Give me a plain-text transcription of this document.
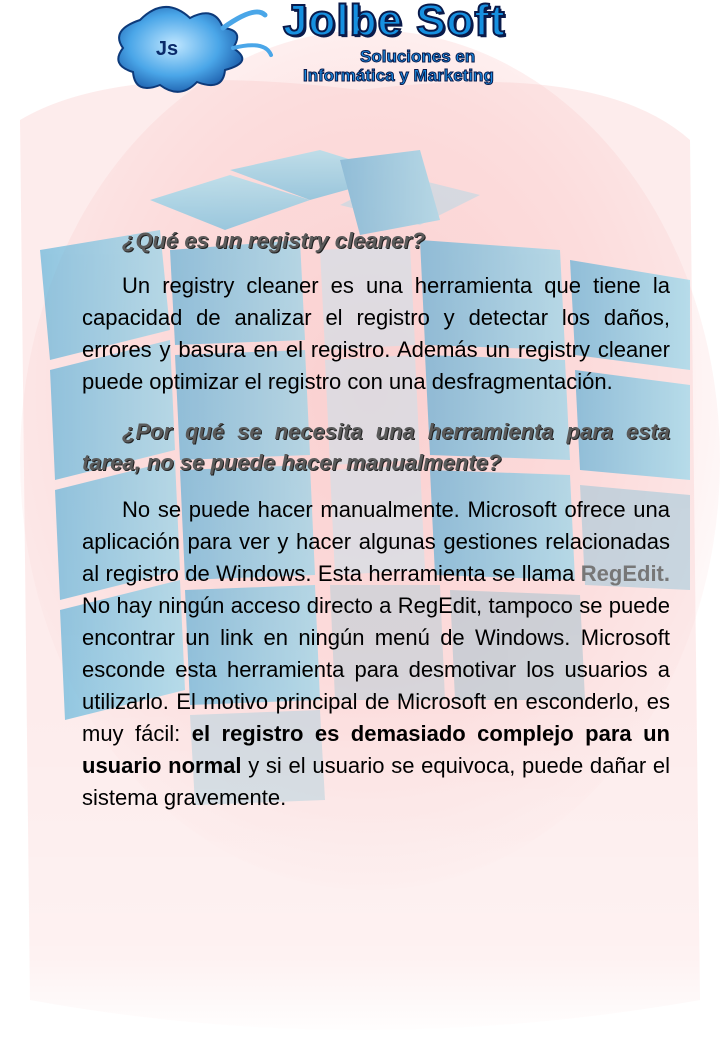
Js
Jolbe Soft
Soluciones en
Informática y Marketing

¿Qué es un registry cleaner?

Un registry cleaner es una herramienta que tiene la capacidad de analizar el registro y detectar los daños, errores y basura en el registro. Además un registry cleaner puede optimizar el registro con una desfragmentación.

¿Por qué se necesita una herramienta para esta tarea, no se puede hacer manualmente?

No se puede hacer manualmente. Microsoft ofrece una aplicación para ver y hacer algunas gestiones relacionadas al registro de Windows. Esta herramienta se llama RegEdit. No hay ningún acceso directo a RegEdit, tampoco se puede encontrar un link en ningún menú de Windows. Microsoft esconde esta herramienta para desmotivar los usuarios a utilizarlo. El motivo principal de Microsoft en esconderlo, es muy fácil: el registro es demasiado complejo para un usuario normal y si el usuario se equivoca, puede dañar el sistema gravemente.
